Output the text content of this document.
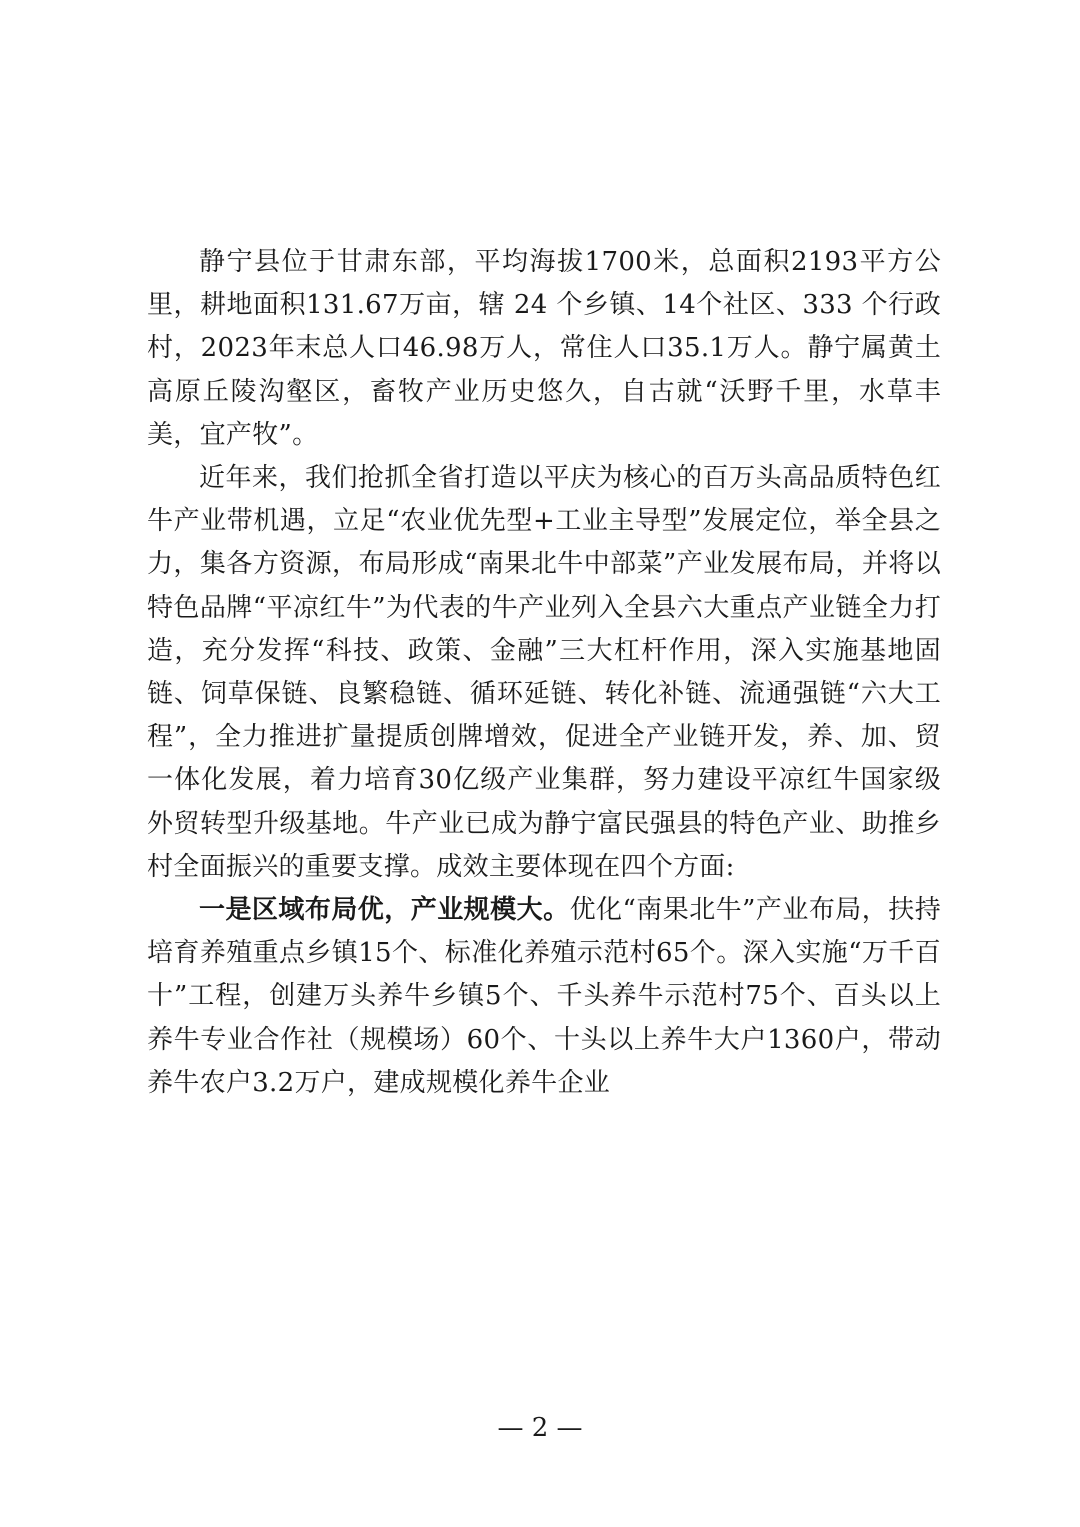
静宁县位于甘肃东部，平均海拔1700米，总面积2193平方公里，耕地面积131.67万亩，辖 24 个乡镇、14个社区、333 个行政村，2023年末总人口46.98万人，常住人口35.1万人。静宁属黄土高原丘陵沟壑区，畜牧产业历史悠久，自古就“沃野千里，水草丰美，宜产牧”。

近年来，我们抢抓全省打造以平庆为核心的百万头高品质特色红牛产业带机遇，立足“农业优先型+工业主导型”发展定位，举全县之力，集各方资源，布局形成“南果北牛中部菜”产业发展布局，并将以特色品牌“平凉红牛”为代表的牛产业列入全县六大重点产业链全力打造，充分发挥“科技、政策、金融”三大杠杆作用，深入实施基地固链、饲草保链、良繁稳链、循环延链、转化补链、流通强链“六大工程”，全力推进扩量提质创牌增效，促进全产业链开发，养、加、贸一体化发展，着力培育30亿级产业集群，努力建设平凉红牛国家级外贸转型升级基地。牛产业已成为静宁富民强县的特色产业、助推乡村全面振兴的重要支撑。成效主要体现在四个方面:

一是区域布局优，产业规模大。优化“南果北牛”产业布局，扶持培育养殖重点乡镇15个、标准化养殖示范村65个。深入实施“万千百十”工程，创建万头养牛乡镇5个、千头养牛示范村75个、百头以上养牛专业合作社（规模场）60个、十头以上养牛大户1360户，带动养牛农户3.2万户，建成规模化养牛企业

— 2 —
